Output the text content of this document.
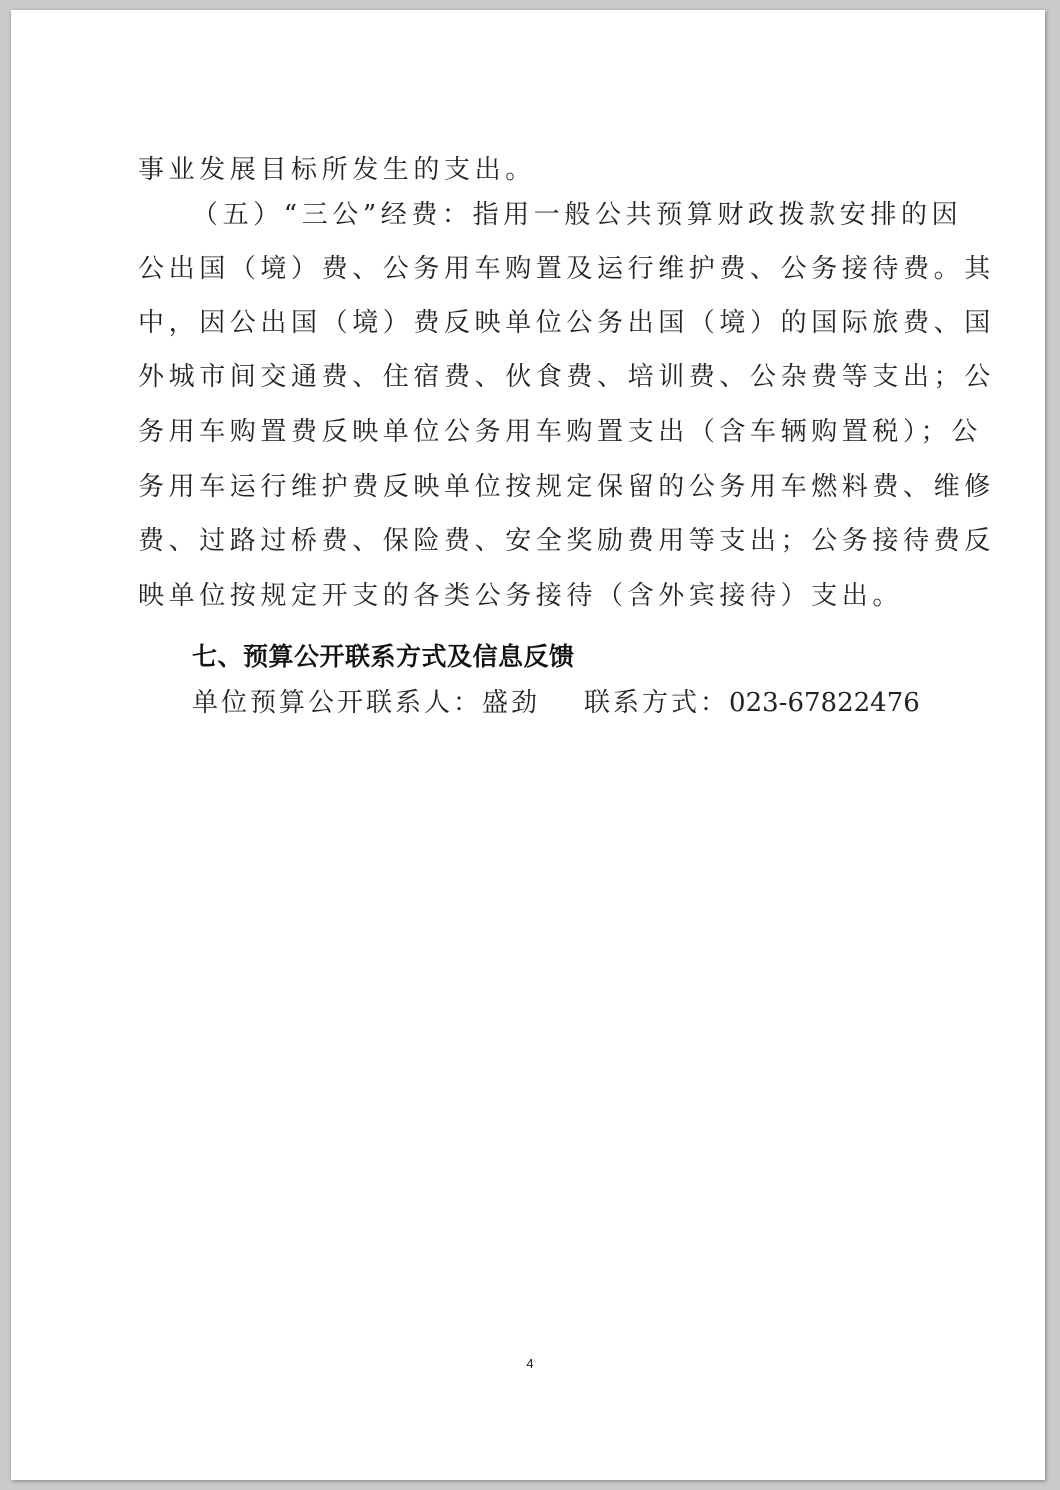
事业发展目标所发生的支出。
（五）“三公”经费：指用一般公共预算财政拨款安排的因
公出国（境）费、公务用车购置及运行维护费、公务接待费。其
中，因公出国（境）费反映单位公务出国（境）的国际旅费、国
外城市间交通费、住宿费、伙食费、培训费、公杂费等支出；公
务用车购置费反映单位公务用车购置支出（含车辆购置税）；公
务用车运行维护费反映单位按规定保留的公务用车燃料费、维修
费、过路过桥费、保险费、安全奖励费用等支出；公务接待费反
映单位按规定开支的各类公务接待（含外宾接待）支出。
七、预算公开联系方式及信息反馈
单位预算公开联系人：盛劲 联系方式：023-67822476
4
